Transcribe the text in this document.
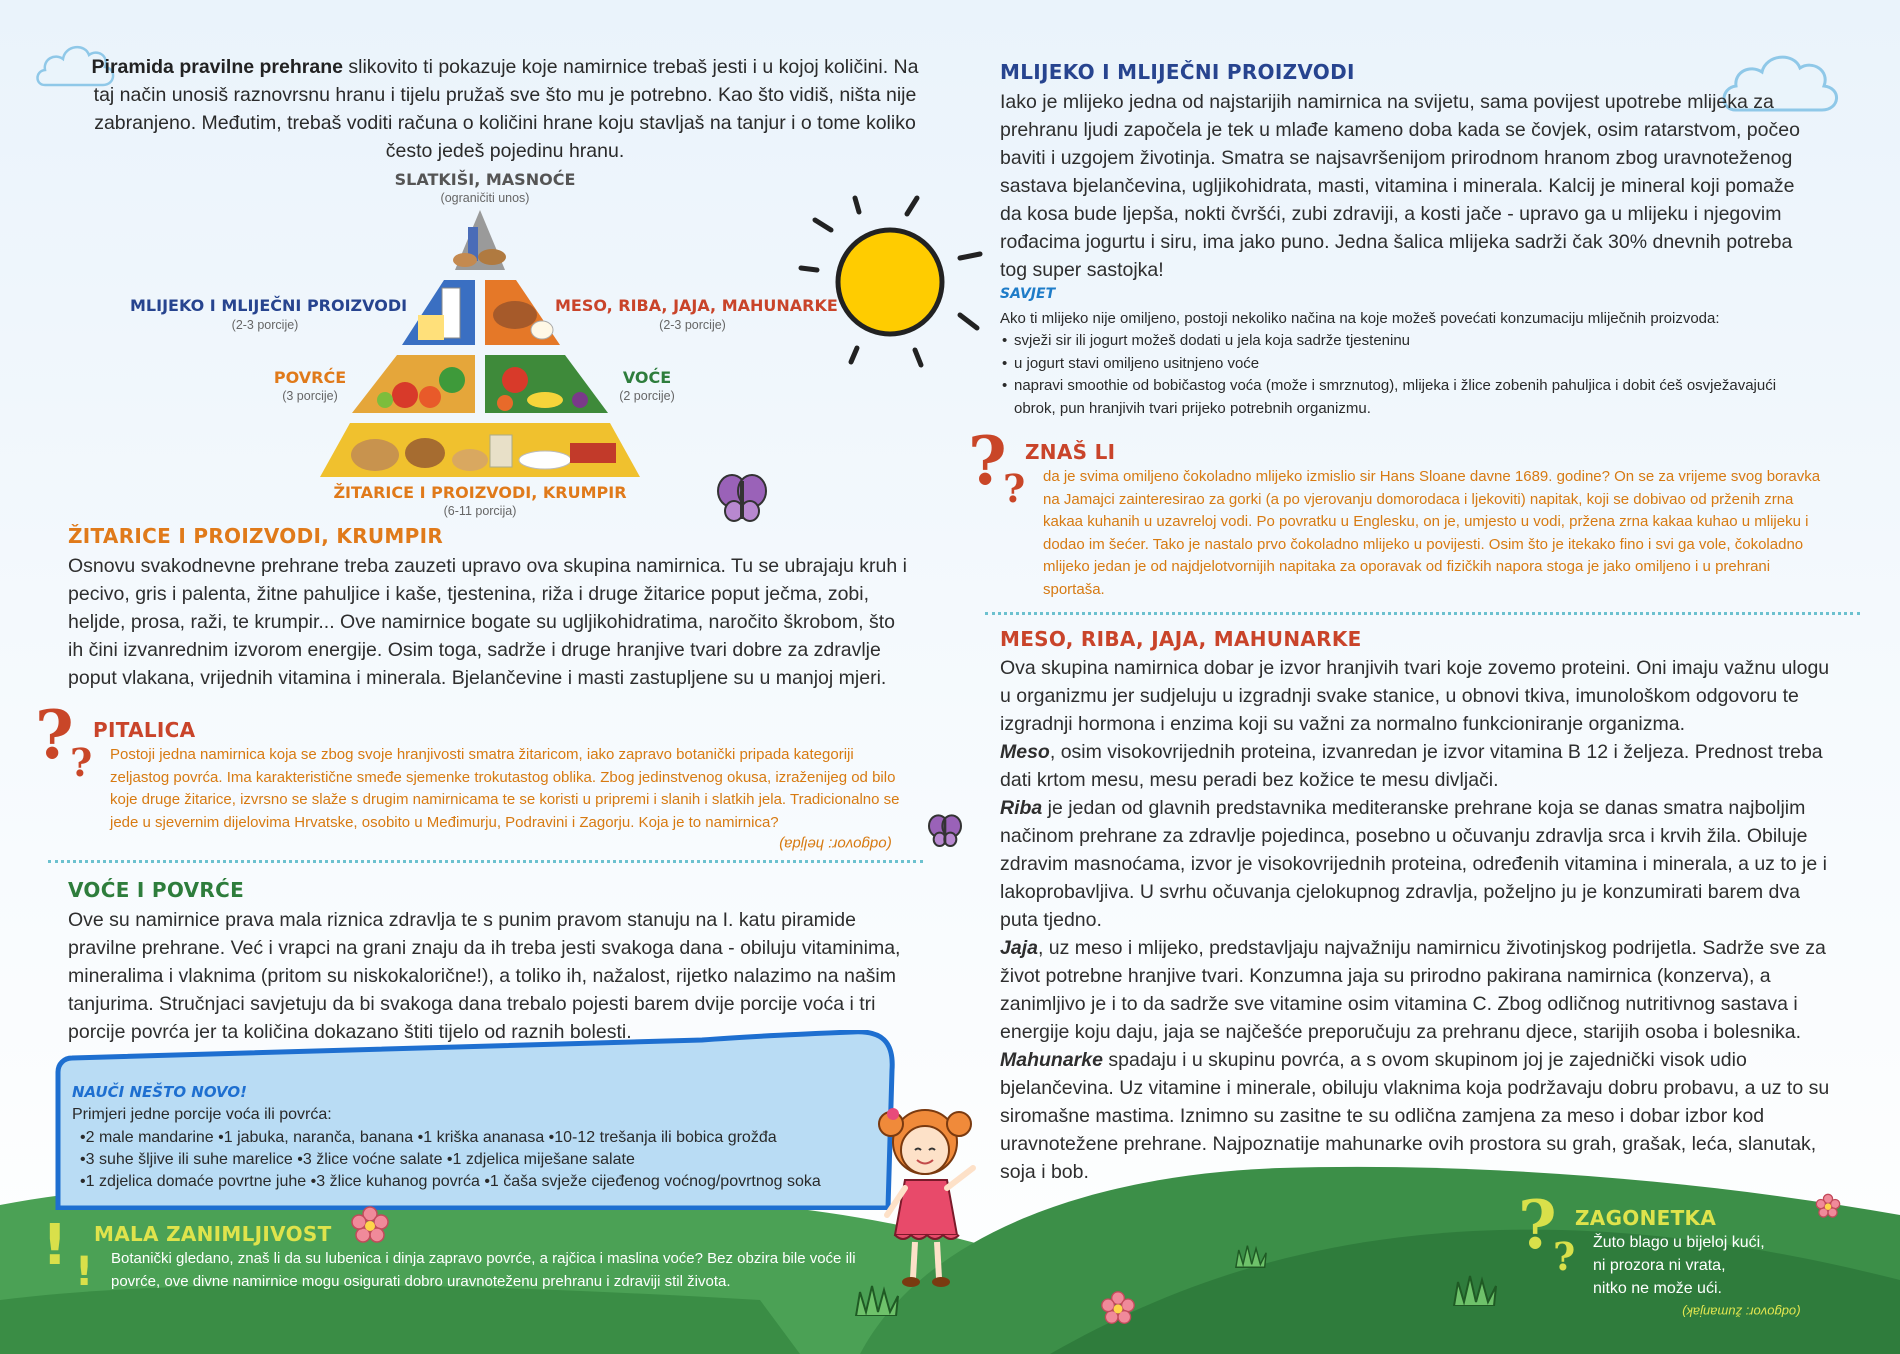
Piramida pravilne prehrane slikovito ti pokazuje koje namirnice trebaš jesti i u kojoj količini. Na taj način unosiš raznovrsnu hranu i tijelu pružaš sve što mu je potrebno. Kao što vidiš, ništa nije zabranjeno. Međutim, trebaš voditi računa o količini hrane koju stavljaš na tanjur i o tome koliko često jedeš pojedinu hranu.
SLATKIŠI, MASNOĆE
(ograničiti unos)
MLIJEKO I MLIJEČNI PROIZVODI
(2-3 porcije)
MESO, RIBA, JAJA, MAHUNARKE
(2-3 porcije)
POVRĆE
(3 porcije)
VOĆE
(2 porcije)
ŽITARICE I PROIZVODI, KRUMPIR
(6-11 porcija)
ŽITARICE I PROIZVODI, KRUMPIR
Osnovu svakodnevne prehrane treba zauzeti upravo ova skupina namirnica. Tu se ubrajaju kruh i pecivo, gris i palenta, žitne pahuljice i kaše, tjestenina, riža i druge žitarice poput ječma, zobi, heljde, prosa, raži, te krumpir... Ove namirnice bogate su ugljikohidratima, naročito škrobom, što ih čini izvanrednim izvorom energije. Osim toga, sadrže i druge hranjive tvari dobre za zdravlje poput vlakana, vrijednih vitamina i minerala. Bjelančevine i masti zastupljene su u manjoj mjeri.
?
?
PITALICA
Postoji jedna namirnica koja se zbog svoje hranjivosti smatra žitaricom, iako zapravo botanički pripada kategoriji zeljastog povrća. Ima karakteristične smeđe sjemenke trokutastog oblika. Zbog jedinstvenog okusa, izraženijeg od bilo koje druge žitarice, izvrsno se slaže s drugim namirnicama te se koristi u pripremi i slanih i slatkih jela. Tradicionalno se jede u sjevernim dijelovima Hrvatske, osobito u Međimurju, Podravini i Zagorju. Koja je to namirnica?
(odgovor: heljda)
VOĆE I POVRĆE
Ove su namirnice prava mala riznica zdravlja te s punim pravom stanuju na I. katu piramide pravilne prehrane. Već i vrapci na grani znaju da ih treba jesti svakoga dana - obiluju vitaminima, mineralima i vlaknima (pritom su niskokalorične!), a toliko ih, nažalost, rijetko nalazimo na našim tanjurima. Stručnjaci savjetuju da bi svakoga dana trebalo pojesti barem dvije porcije voća i tri porcije povrća jer ta količina dokazano štiti tijelo od raznih bolesti.
NAUČI NEŠTO NOVO!
Primjeri jedne porcije voća ili povrća:
•2 male mandarine •1 jabuka, naranča, banana •1 kriška ananasa •10-12 trešanja ili bobica grožđa
•3 suhe šljive ili suhe marelice •3 žlice voćne salate •1 zdjelica miješane salate
•1 zdjelica domaće povrtne juhe •3 žlice kuhanog povrća •1 čaša svježe cijeđenog voćnog/povrtnog soka
! !
MALA ZANIMLJIVOST
Botanički gledano, znaš li da su lubenica i dinja zapravo povrće, a rajčica i maslina voće? Bez obzira bile voće ili povrće, ove divne namirnice mogu osigurati dobro uravnoteženu prehranu i zdraviji stil života.
MLIJEKO I MLIJEČNI PROIZVODI
Iako je mlijeko jedna od najstarijih namirnica na svijetu, sama povijest upotrebe mlijeka za prehranu ljudi započela je tek u mlađe kameno doba kada se čovjek, osim ratarstvom, počeo baviti i uzgojem životinja. Smatra se najsavršenijom prirodnom hranom zbog uravnoteženog sastava bjelančevina, ugljikohidrata, masti, vitamina i minerala. Kalcij je mineral koji pomaže da kosa bude ljepša, nokti čvršći, zubi zdraviji, a kosti jače - upravo ga u mlijeku i njegovim rođacima jogurtu i siru, ima jako puno. Jedna šalica mlijeka sadrži čak 30% dnevnih potreba tog super sastojka!
SAVJET
Ako ti mlijeko nije omiljeno, postoji nekoliko načina na koje možeš povećati konzumaciju mliječnih proizvoda:
• svježi sir ili jogurt možeš dodati u jela koja sadrže tjesteninu
• u jogurt stavi omiljeno usitnjeno voće
• napravi smoothie od bobičastog voća (može i smrznutog), mlijeka i žlice zobenih pahuljica i dobit ćeš osvježavajući obrok, pun hranjivih tvari prijeko potrebnih organizmu.
?
?
ZNAŠ LI
da je svima omiljeno čokoladno mlijeko izmislio sir Hans Sloane davne 1689. godine? On se za vrijeme svog boravka na Jamajci zainteresirao za gorki (a po vjerovanju domorodaca i ljekoviti) napitak, koji se dobivao od prženih zrna kakaa kuhanih u uzavreloj vodi. Po povratku u Englesku, on je, umjesto u vodi, pržena zrna kakaa kuhao u mlijeku i dodao im šećer. Tako je nastalo prvo čokoladno mlijeko u povijesti. Osim što je itekako fino i svi ga vole, čokoladno mlijeko jedan je od najdjelotvornijih napitaka za oporavak od fizičkih napora stoga je jako omiljeno i u prehrani sportaša.
MESO, RIBA, JAJA, MAHUNARKE
Ova skupina namirnica dobar je izvor hranjivih tvari koje zovemo proteini. Oni imaju važnu ulogu u organizmu jer sudjeluju u izgradnji svake stanice, u obnovi tkiva, imunološkom odgovoru te izgradnji hormona i enzima koji su važni za normalno funkcioniranje organizma.
Meso, osim visokovrijednih proteina, izvanredan je izvor vitamina B 12 i željeza. Prednost treba dati krtom mesu, mesu peradi bez kožice te mesu divljači.
Riba je jedan od glavnih predstavnika mediteranske prehrane koja se danas smatra najboljim načinom prehrane za zdravlje pojedinca, posebno u očuvanju zdravlja srca i krvih žila. Obiluje zdravim masnoćama, izvor je visokovrijednih proteina, određenih vitamina i minerala, a uz to je i lakoprobavljiva. U svrhu očuvanja cjelokupnog zdravlja, poželjno ju je konzumirati barem dva puta tjedno.
Jaja, uz meso i mlijeko, predstavljaju najvažniju namirnicu životinjskog podrijetla. Sadrže sve za život potrebne hranjive tvari. Konzumna jaja su prirodno pakirana namirnica (konzerva), a zanimljivo je i to da sadrže sve vitamine osim vitamina C. Zbog odličnog nutritivnog sastava i energije koju daju, jaja se najčešće preporučuju za prehranu djece, starijih osoba i bolesnika.
Mahunarke spadaju i u skupinu povrća, a s ovom skupinom joj je zajednički visok udio bjelančevina. Uz vitamine i minerale, obiluju vlaknima koja podržavaju dobru probavu, a uz to su siromašne mastima. Iznimno su zasitne te su odlična zamjena za meso i dobar izbor kod uravnotežene prehrane. Najpoznatije mahunarke ovih prostora su grah, grašak, leća, slanutak, soja i bob.
?
?
ZAGONETKA
Žuto blago u bijeloj kući,
ni prozora ni vrata,
nitko ne može ući.
(odgovor: žumanjak)
